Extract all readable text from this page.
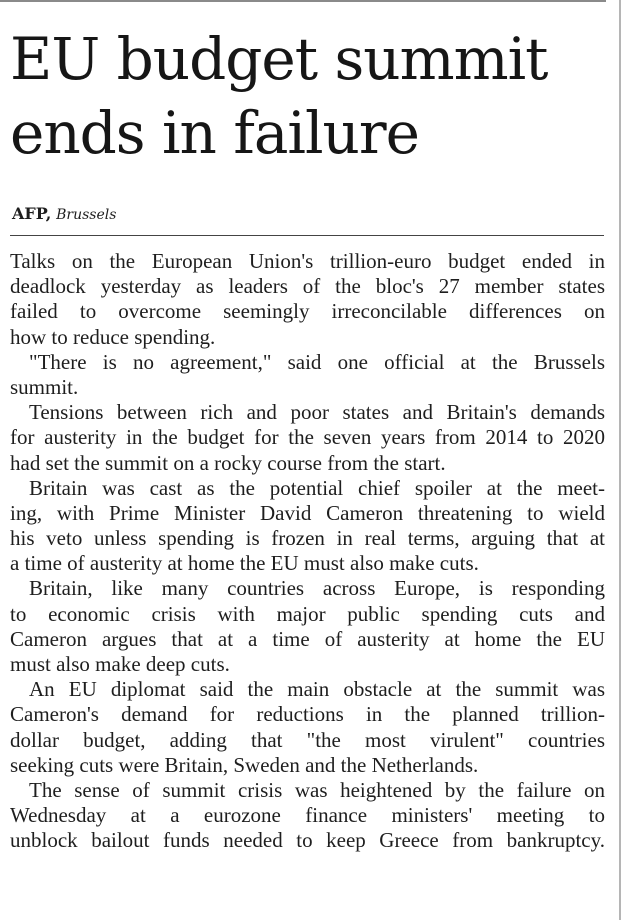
EU budget summit
ends in failure
AFP, Brussels
Talks on the European Union's trillion-euro budget ended in
deadlock yesterday as leaders of the bloc's 27 member states
failed to overcome seemingly irreconcilable differences on
how to reduce spending.
"There is no agreement," said one official at the Brussels
summit.
Tensions between rich and poor states and Britain's demands
for austerity in the budget for the seven years from 2014 to 2020
had set the summit on a rocky course from the start.
Britain was cast as the potential chief spoiler at the meet-
ing, with Prime Minister David Cameron threatening to wield
his veto unless spending is frozen in real terms, arguing that at
a time of austerity at home the EU must also make cuts.
Britain, like many countries across Europe, is responding
to economic crisis with major public spending cuts and
Cameron argues that at a time of austerity at home the EU
must also make deep cuts.
An EU diplomat said the main obstacle at the summit was
Cameron's demand for reductions in the planned trillion-
dollar budget, adding that "the most virulent" countries
seeking cuts were Britain, Sweden and the Netherlands.
The sense of summit crisis was heightened by the failure on
Wednesday at a eurozone finance ministers' meeting to
unblock bailout funds needed to keep Greece from bankruptcy.
